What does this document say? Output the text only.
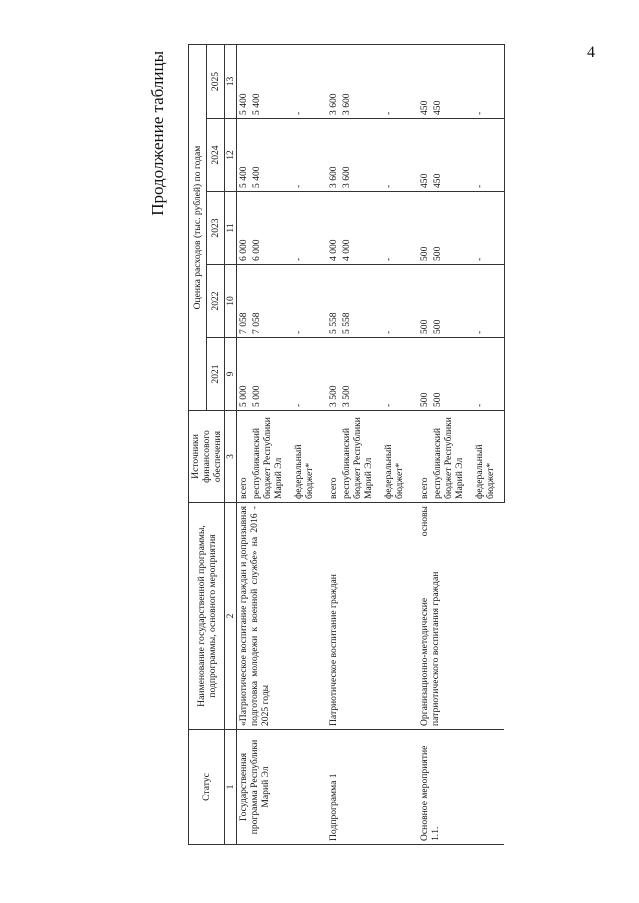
4
Продолжение таблицы
Статус	Наименование государственной программы, подпрограммы, основного мероприятия	Источники финансового обеспечения	Оценка расходов (тыс. рублей) по годам				
			2021	2022	2023	2024	2025
1	2	3	9	10	11	12	13
Государственная программа Республики Марий Эл	«Патриотическое воспитание граждан и допризывная подготовка молодежи к военной службе» на 2016 - 2025 годы	всего	5 000	7 058	6 000	5 400	5 400
		республиканский бюджет Республики Марий Эл	5 000	7 058	6 000	5 400	5 400
		федеральный бюджет*	-	-	-	-	-
Подпрограмма 1	Патриотическое воспитание граждан	всего	3 500	5 558	4 000	3 600	3 600
		республиканский бюджет Республики Марий Эл	3 500	5 558	4 000	3 600	3 600
		федеральный бюджет*	-	-	-	-	-
Основное мероприятие 1.1.	Организационно-методические основы патриотического воспитания граждан	всего	500	500	500	450	450
		республиканский бюджет Республики Марий Эл	500	500	500	450	450
		федеральный бюджет*	-	-	-	-	-
